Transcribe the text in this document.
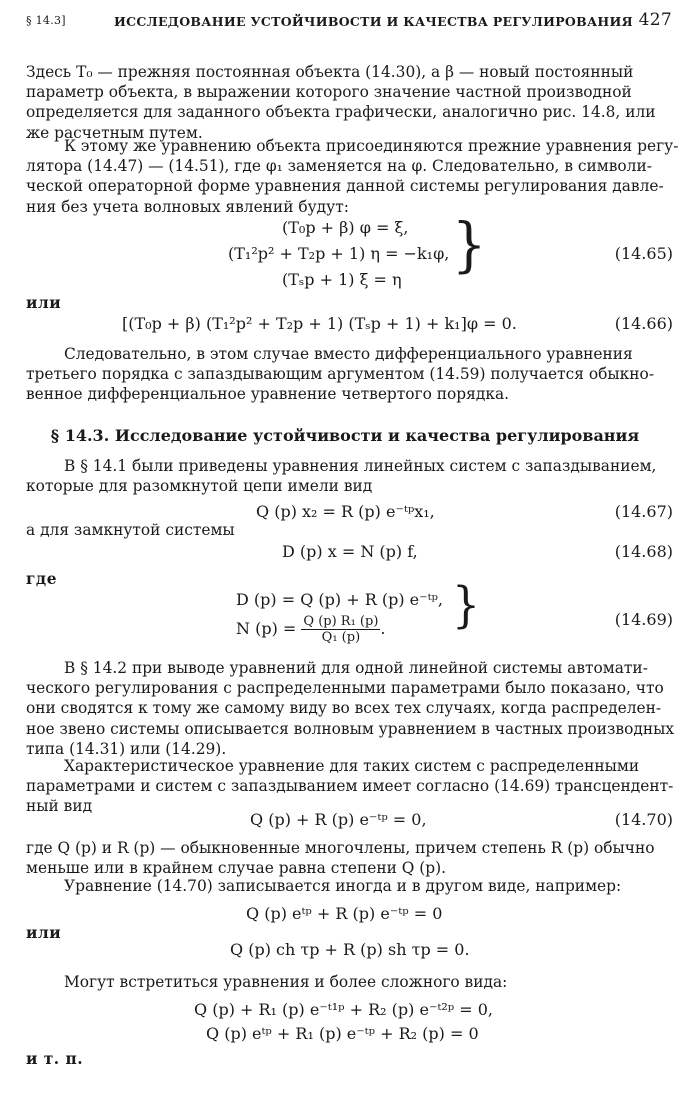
§ 14.3]	ИССЛЕДОВАНИЕ УСТОЙЧИВОСТИ И КАЧЕСТВА РЕГУЛИРОВАНИЯ 427
Здесь T₀ — прежняя постоянная объекта (14.30), а β — новый постоянный
параметр объекта, в выражении которого значение частной производной
определяется для заданного объекта графически, аналогично рис. 14.8, или
же расчетным путем.
К этому же уравнению объекта присоединяются прежние уравнения регу-
лятора (14.47) — (14.51), где φ₁ заменяется на φ. Следовательно, в символи-
ческой операторной форме уравнения данной системы регулирования давле-
ния без учета волновых явлений будут:
(T₀p + β) φ = ξ,
(T₁²p² + T₂p + 1) η = −k₁φ,
(Tₛp + 1) ξ = η
}	(14.65)
или
[(T₀p + β) (T₁²p² + T₂p + 1) (Tₛp + 1) + k₁]φ = 0.	(14.66)
Следовательно, в этом случае вместо дифференциального уравнения
третьего порядка с запаздывающим аргументом (14.59) получается обыкно-
венное дифференциальное уравнение четвертого порядка.
§ 14.3. Исследование устойчивости и качества регулирования
В § 14.1 были приведены уравнения линейных систем с запаздыванием,
которые для разомкнутой цепи имели вид
Q (p) x₂ = R (p) e⁻ᵗᵖx₁,	(14.67)
а для замкнутой системы
D (p) x = N (p) f,	(14.68)
где
D (p) = Q (p) + R (p) e⁻ᵗᵖ,
N $(p) = \frac{\text{Q (p) R₁ (p)}}{\text{Q₁ (p)}}$ . }	(14.69)
В § 14.2 при выводе уравнений для одной линейной системы автомати-
ческого регулирования с распределенными параметрами было показано, что
они сводятся к тому же самому виду во всех тех случаях, когда распределен-
ное звено системы описывается волновым уравнением в частных производных
типа (14.31) или (14.29).
Характеристическое уравнение для таких систем с распределенными
параметрами и систем с запаздыванием имеет согласно (14.69) трансцендент-
ный вид
Q (p) + R (p) e⁻ᵗᵖ = 0,	(14.70)
где Q (p) и R (p) — обыкновенные многочлены, причем степень R (p) обычно
меньше или в крайнем случае равна степени Q (p).
Уравнение (14.70) записывается иногда и в другом виде, например:
Q (p) eᵗᵖ + R (p) e⁻ᵗᵖ = 0
или
Q (p) ch τp + R (p) sh τp = 0.
Могут встретиться уравнения и более сложного вида:
Q (p) + R₁ (p) e⁻ᵗ¹ᵖ + R₂ (p) e⁻ᵗ²ᵖ = 0,
Q (p) eᵗᵖ + R₁ (p) e⁻ᵗᵖ + R₂ (p) = 0
и т. п.
